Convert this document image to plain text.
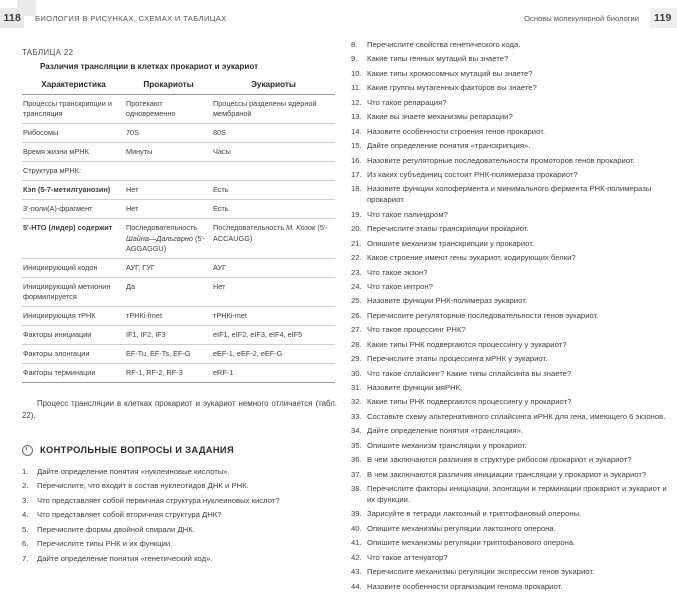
118 БИОЛОГИЯ В РИСУНКАХ, СХЕМАХ И ТАБЛИЦАХ	Основы молекулярной биологии 119
ТАБЛИЦА 22
Различия трансляции в клетках прокариот и эукариот
Характеристика	Прокариоты	Эукариоты
Процессы транскрипции и трансляция	Протекают одновременно	Процессы разделены ядерной мембраной
Рибосомы	70S	80S
Время жизни мРНК	Минуты	Часы
Структура мРНК:		
Кэп (5-7-метилгуанозин)	Нет	Есть
3'-поли(А)-фрагмент	Нет	Есть
5'-НТО (лидер) содержит	Последовательность Шайна—Дальгарно (5'-AGGAGGU)	Последовательность М. Козок (5'-ACCAUGG)
Инициирующий кодон	АУГ, ГУГ	АУГ
Инициирующий метионин формилируется	Да	Нет
Инициирующая тРНК	тРНКi-fmet	тРНКi-met
Факторы инициации	IF1, IF2, IF3	eIF1, eIF2, eIF3, eIF4, eIF5
Факторы элонгации	EF-Tu, EF-Ts, EF-G	eEF-1, eEF-2, eEF-G
Факторы терминации	RF-1, RF-2, RF-3	eRF-1

Процесс трансляции в клетках прокариот и эукариот немного отличается (табл. 22).

КОНТРОЛЬНЫЕ ВОПРОСЫ И ЗАДАНИЯ
1.	Дайте определение понятия «нуклеиновые кислоты».
2.	Перечислите, что входит в состав нуклеотидов ДНК и РНК.
3.	Что представляет собой первичная структура нуклеиновых кислот?
4.	Что представляет собой вторичная структура ДНК?
5.	Перечислите формы двойной спирали ДНК.
6.	Перечислите типы РНК и их функции.
7.	Дайте определение понятия «генетический код».
8.	Перечислите свойства генетического кода.
9.	Какие типы генных мутаций вы знаете?
10. Какие типы хромосомных мутаций вы знаете?
11. Какие группы мутагенных факторов вы знаете?
12. Что такое репарация?
13. Какие вы знаете механизмы репарации?
14. Назовите особенности строения генов прокариот.
15. Дайте определение понятия «транскрипция».
16. Назовите регуляторные последовательности промоторов генов прокариот.
17. Из каких субъединиц состоит РНК-полимераза прокариот?
18. Назовите функции холофермента и минимального фермента РНК-полимеразы прокариот.
19. Что такое палиндром?
20. Перечислите этапы транскрипции прокариот.
21. Опишите механизм транскрипции у прокариот.
22. Какое строение имеют гены эукариот, кодирующих белки?
23. Что такое экзон?
24. Что такое интрон?
25. Назовите функции РНК-полимераз эукариот.
26. Перечислите регуляторные последовательности генов эукариот.
27. Что такое процессинг РНК?
28. Какие типы РНК подвергаются процессингу у эукариот?
29. Перечислите этапы процессинга мРНК у эукариот.
30. Что такое сплайсинг? Какие типы сплайсинга вы знаете?
31. Назовите функции мяРНК.
32. Какие типы РНК подвергаются процессингу у прокариот?
33. Составьте схему альтернативного сплайсинга иРНК для гена, имеющего 6 экзонов.
34. Дайте определение понятия «трансляция».
35. Опишите механизм трансляции у прокариот.
36. В чем заключаются различия в структуре рибосом прокариот и эукариот?
37. В чем заключаются различия инициации трансляции у прокариот и эукариот?
38. Перечислите факторы инициации, элонгации и терминации прокариот и эукариот и их функции.
39. Зарисуйте в тетради лактозный и триптофановый опероны.
40. Опишите механизмы регуляции лактозного оперона.
41. Опишите механизмы регуляции триптофанового оперона.
42. Что такое аттенуатор?
43. Перечислите механизмы регуляции экспрессии генов эукариот.
44. Назовите особенности организации генома прокариот.
